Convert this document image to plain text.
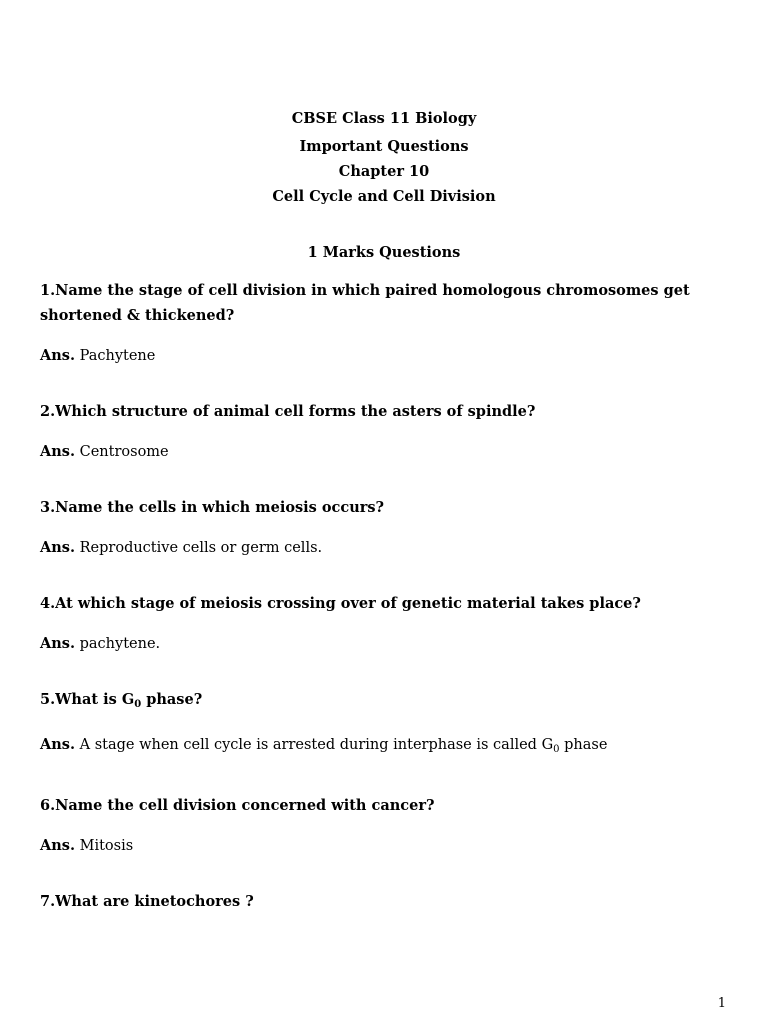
CBSE Class 11 Biology
Important Questions
Chapter 10
Cell Cycle and Cell Division
1 Marks Questions
1.Name the stage of cell division in which paired homologous chromosomes get shortened & thickened?
Ans. Pachytene
2.Which structure of animal cell forms the asters of spindle?
Ans. Centrosome
3.Name the cells in which meiosis occurs?
Ans. Reproductive cells or germ cells.
4.At which stage of meiosis crossing over of genetic material takes place?
Ans. pachytene.
5.What is $G_0$ phase?
Ans. A stage when cell cycle is arrested during interphase is called $G_0$ phase
6.Name the cell division concerned with cancer?
Ans. Mitosis
7.What are kinetochores ?
1
